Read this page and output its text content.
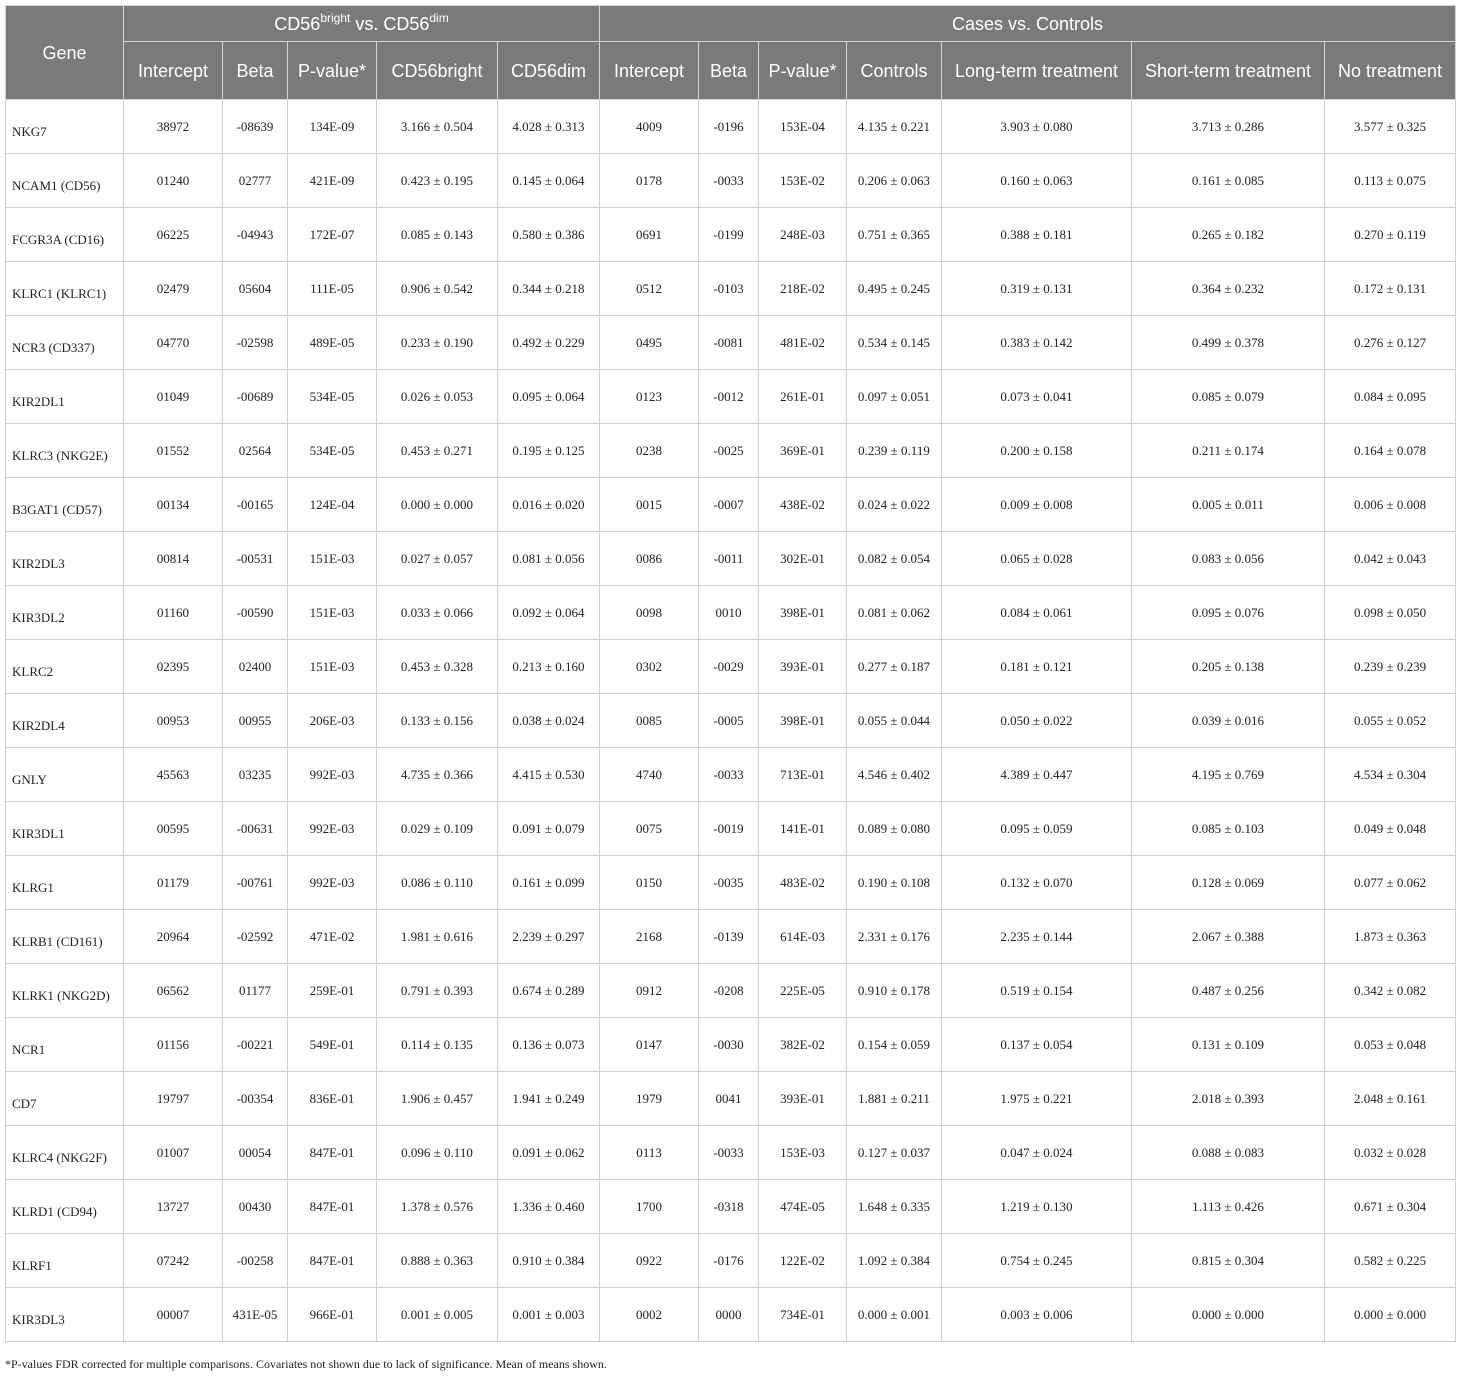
Gene	$CD56^{bright}$ vs. $CD56^{dim}$					Cases vs. Controls						
	Intercept	Beta	P-value*	CD56bright	CD56dim	Intercept	Beta	P-value*	Controls	Long-term treatment	Short-term treatment	No treatment

NKG7	38972	-08639	134E-09	3.166 ± 0.504	4.028 ± 0.313	4009	-0196	153E-04	4.135 ± 0.221	3.903 ± 0.080	3.713 ± 0.286	3.577 ± 0.325

NCAM1 (CD56)	01240	02777	421E-09	0.423 ± 0.195	0.145 ± 0.064	0178	-0033	153E-02	0.206 ± 0.063	0.160 ± 0.063	0.161 ± 0.085	0.113 ± 0.075

FCGR3A (CD16)	06225	-04943	172E-07	0.085 ± 0.143	0.580 ± 0.386	0691	-0199	248E-03	0.751 ± 0.365	0.388 ± 0.181	0.265 ± 0.182	0.270 ± 0.119

KLRC1 (KLRC1)	02479	05604	111E-05	0.906 ± 0.542	0.344 ± 0.218	0512	-0103	218E-02	0.495 ± 0.245	0.319 ± 0.131	0.364 ± 0.232	0.172 ± 0.131

NCR3 (CD337)	04770	-02598	489E-05	0.233 ± 0.190	0.492 ± 0.229	0495	-0081	481E-02	0.534 ± 0.145	0.383 ± 0.142	0.499 ± 0.378	0.276 ± 0.127

KIR2DL1	01049	-00689	534E-05	0.026 ± 0.053	0.095 ± 0.064	0123	-0012	261E-01	0.097 ± 0.051	0.073 ± 0.041	0.085 ± 0.079	0.084 ± 0.095

KLRC3 (NKG2E)	01552	02564	534E-05	0.453 ± 0.271	0.195 ± 0.125	0238	-0025	369E-01	0.239 ± 0.119	0.200 ± 0.158	0.211 ± 0.174	0.164 ± 0.078

B3GAT1 (CD57)	00134	-00165	124E-04	0.000 ± 0.000	0.016 ± 0.020	0015	-0007	438E-02	0.024 ± 0.022	0.009 ± 0.008	0.005 ± 0.011	0.006 ± 0.008

KIR2DL3	00814	-00531	151E-03	0.027 ± 0.057	0.081 ± 0.056	0086	-0011	302E-01	0.082 ± 0.054	0.065 ± 0.028	0.083 ± 0.056	0.042 ± 0.043

KIR3DL2	01160	-00590	151E-03	0.033 ± 0.066	0.092 ± 0.064	0098	0010	398E-01	0.081 ± 0.062	0.084 ± 0.061	0.095 ± 0.076	0.098 ± 0.050

KLRC2	02395	02400	151E-03	0.453 ± 0.328	0.213 ± 0.160	0302	-0029	393E-01	0.277 ± 0.187	0.181 ± 0.121	0.205 ± 0.138	0.239 ± 0.239

KIR2DL4	00953	00955	206E-03	0.133 ± 0.156	0.038 ± 0.024	0085	-0005	398E-01	0.055 ± 0.044	0.050 ± 0.022	0.039 ± 0.016	0.055 ± 0.052

GNLY	45563	03235	992E-03	4.735 ± 0.366	4.415 ± 0.530	4740	-0033	713E-01	4.546 ± 0.402	4.389 ± 0.447	4.195 ± 0.769	4.534 ± 0.304

KIR3DL1	00595	-00631	992E-03	0.029 ± 0.109	0.091 ± 0.079	0075	-0019	141E-01	0.089 ± 0.080	0.095 ± 0.059	0.085 ± 0.103	0.049 ± 0.048

KLRG1	01179	-00761	992E-03	0.086 ± 0.110	0.161 ± 0.099	0150	-0035	483E-02	0.190 ± 0.108	0.132 ± 0.070	0.128 ± 0.069	0.077 ± 0.062

KLRB1 (CD161)	20964	-02592	471E-02	1.981 ± 0.616	2.239 ± 0.297	2168	-0139	614E-03	2.331 ± 0.176	2.235 ± 0.144	2.067 ± 0.388	1.873 ± 0.363

KLRK1 (NKG2D)	06562	01177	259E-01	0.791 ± 0.393	0.674 ± 0.289	0912	-0208	225E-05	0.910 ± 0.178	0.519 ± 0.154	0.487 ± 0.256	0.342 ± 0.082

NCR1	01156	-00221	549E-01	0.114 ± 0.135	0.136 ± 0.073	0147	-0030	382E-02	0.154 ± 0.059	0.137 ± 0.054	0.131 ± 0.109	0.053 ± 0.048

CD7	19797	-00354	836E-01	1.906 ± 0.457	1.941 ± 0.249	1979	0041	393E-01	1.881 ± 0.211	1.975 ± 0.221	2.018 ± 0.393	2.048 ± 0.161

KLRC4 (NKG2F)	01007	00054	847E-01	0.096 ± 0.110	0.091 ± 0.062	0113	-0033	153E-03	0.127 ± 0.037	0.047 ± 0.024	0.088 ± 0.083	0.032 ± 0.028

KLRD1 (CD94)	13727	00430	847E-01	1.378 ± 0.576	1.336 ± 0.460	1700	-0318	474E-05	1.648 ± 0.335	1.219 ± 0.130	1.113 ± 0.426	0.671 ± 0.304

KLRF1	07242	-00258	847E-01	0.888 ± 0.363	0.910 ± 0.384	0922	-0176	122E-02	1.092 ± 0.384	0.754 ± 0.245	0.815 ± 0.304	0.582 ± 0.225

KIR3DL3	00007	431E-05	966E-01	0.001 ± 0.005	0.001 ± 0.003	0002	0000	734E-01	0.000 ± 0.001	0.003 ± 0.006	0.000 ± 0.000	0.000 ± 0.000
*P-values FDR corrected for multiple comparisons. Covariates not shown due to lack of significance. Mean of means shown.
